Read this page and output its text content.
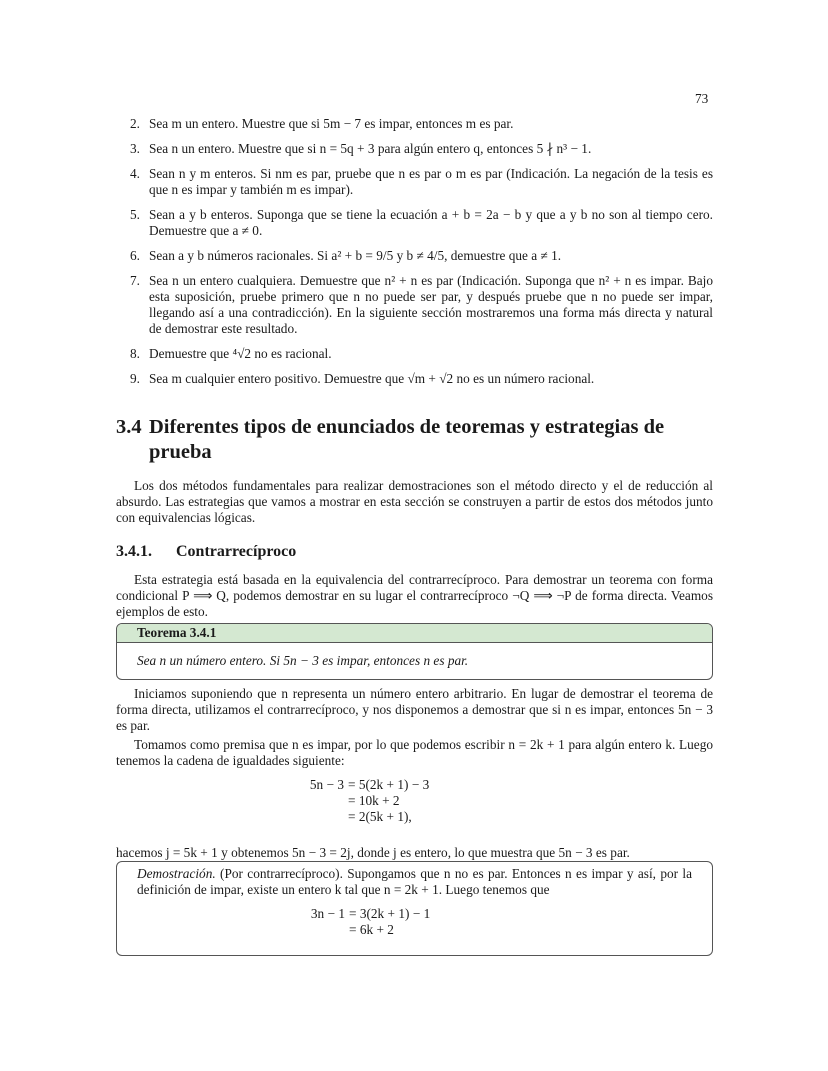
73
2. Sea m un entero. Muestre que si 5m − 7 es impar, entonces m es par.
3. Sea n un entero. Muestre que si n = 5q + 3 para algún entero q, entonces 5 ∤ n³ − 1.
4. Sean n y m enteros. Si nm es par, pruebe que n es par o m es par (Indicación. La negación de la tesis es que n es impar y también m es impar).
5. Sean a y b enteros. Suponga que se tiene la ecuación a + b = 2a − b y que a y b no son al tiempo cero. Demuestre que a ≠ 0.
6. Sean a y b números racionales. Si a² + b = 9/5 y b ≠ 4/5, demuestre que a ≠ 1.
7. Sea n un entero cualquiera. Demuestre que n² + n es par (Indicación. Suponga que n² + n es impar. Bajo esta suposición, pruebe primero que n no puede ser par, y después pruebe que n no puede ser impar, llegando así a una contradicción). En la siguiente sección mostraremos una forma más directa y natural de demostrar este resultado.
8. Demuestre que ⁴√2 no es racional.
9. Sea m cualquier entero positivo. Demuestre que √m + √2 no es un número racional.
3.4 Diferentes tipos de enunciados de teoremas y estrategias de
prueba

Los dos métodos fundamentales para realizar demostraciones son el método directo y el de reducción al absurdo. Las estrategias que vamos a mostrar en esta sección se construyen a partir de estos dos métodos junto con equivalencias lógicas.

3.4.1. Contrarrecíproco

Esta estrategia está basada en la equivalencia del contrarrecíproco. Para demostrar un teorema con forma condicional P ⟹ Q, podemos demostrar en su lugar el contrarrecíproco ¬Q ⟹ ¬P de forma directa. Veamos ejemplos de esto.

Teorema 3.4.1
Sea n un número entero. Si 5n − 3 es impar, entonces n es par.

Iniciamos suponiendo que n representa un número entero arbitrario. En lugar de demostrar el teorema de forma directa, utilizamos el contrarrecíproco, y nos disponemos a demostrar que si n es impar, entonces 5n − 3 es par.

Tomamos como premisa que n es impar, por lo que podemos escribir n = 2k + 1 para algún entero k. Luego tenemos la cadena de igualdades siguiente:

5n − 3 = 5(2k + 1) − 3
= 10k + 2
= 2(5k + 1),

hacemos j = 5k + 1 y obtenemos 5n − 3 = 2j, donde j es entero, lo que muestra que 5n − 3 es par.

Demostración. (Por contrarrecíproco). Supongamos que n no es par. Entonces n es impar y así, por la definición de impar, existe un entero k tal que n = 2k + 1. Luego tenemos que
3n − 1 = 3(2k + 1) − 1
= 6k + 2
